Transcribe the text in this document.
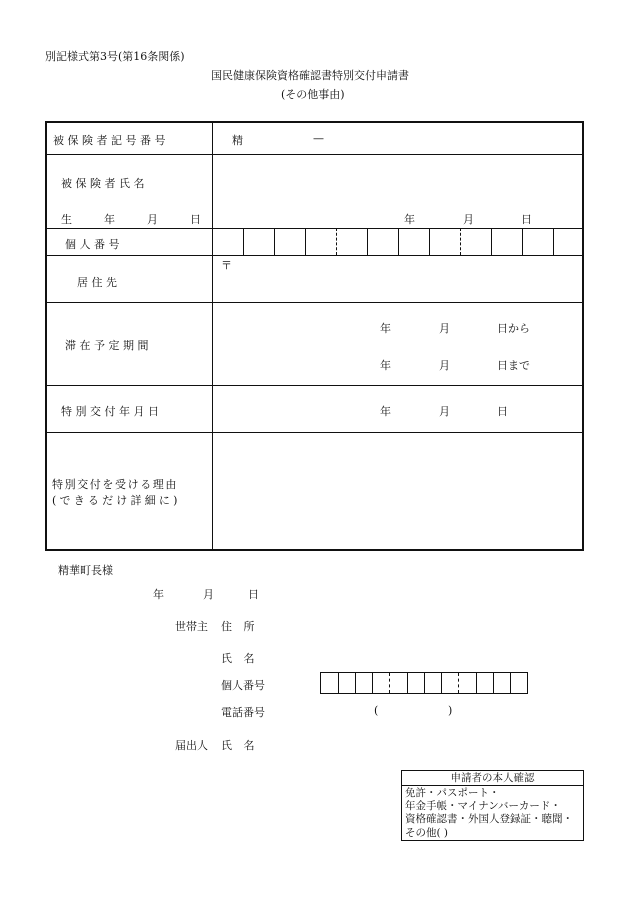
別記様式第3号(第16条関係)
国民健康保険資格確認書特別交付申請書
(その他事由)
被 保 険 者 記 号 番 号	精	—
被 保 険 者 氏 名
生	年	月	日	年	月	日
個 人 番 号
居 住 先
〒
滞 在 予 定 期 間
年	月	日から
年	月	日まで
特 別 交 付 年 月 日	年	月	日
特別交付を受ける理由
(できるだけ詳細に)
精華町長様
年	月	日
世帯主 住 所
氏 名
個人番号
電話番号	(	)
届出人 氏 名
申請者の本人確認
免許・パスポート・
年金手帳・マイナンバーカード・
資格確認書・外国人登録証・聴聞・
その他( )
